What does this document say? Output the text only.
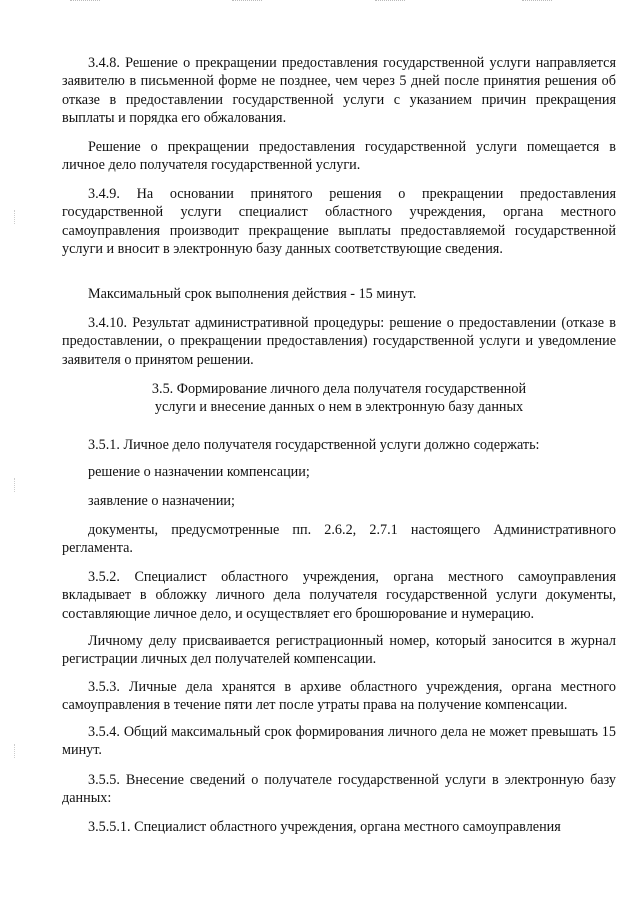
3.4.8. Решение о прекращении предоставления государственной услуги направляется заявителю в письменной форме не позднее, чем через 5 дней после принятия решения об отказе в предоставлении государственной услуги с указанием причин прекращения выплаты и порядка его обжалования.

Решение о прекращении предоставления государственной услуги помещается в личное дело получателя государственной услуги.

3.4.9. На основании принятого решения о прекращении предоставления государственной услуги специалист областного учреждения, органа местного самоуправления производит прекращение выплаты предоставляемой государственной услуги и вносит в электронную базу данных соответствующие сведения.

Максимальный срок выполнения действия - 15 минут.

3.4.10. Результат административной процедуры: решение о предоставлении (отказе в предоставлении, о прекращении предоставления) государственной услуги и уведомление заявителя о принятом решении.

3.5. Формирование личного дела получателя государственной
услуги и внесение данных о нем в электронную базу данных

3.5.1. Личное дело получателя государственной услуги должно содержать:

решение о назначении компенсации;

заявление о назначении;

документы, предусмотренные пп. 2.6.2, 2.7.1 настоящего Административного регламента.

3.5.2. Специалист областного учреждения, органа местного самоуправления вкладывает в обложку личного дела получателя государственной услуги документы, составляющие личное дело, и осуществляет его брошюрование и нумерацию.

Личному делу присваивается регистрационный номер, который заносится в журнал регистрации личных дел получателей компенсации.

3.5.3. Личные дела хранятся в архиве областного учреждения, органа местного самоуправления в течение пяти лет после утраты права на получение компенсации.

3.5.4. Общий максимальный срок формирования личного дела не может превышать 15 минут.

3.5.5. Внесение сведений о получателе государственной услуги в электронную базу данных:

3.5.5.1. Специалист областного учреждения, органа местного самоуправления
